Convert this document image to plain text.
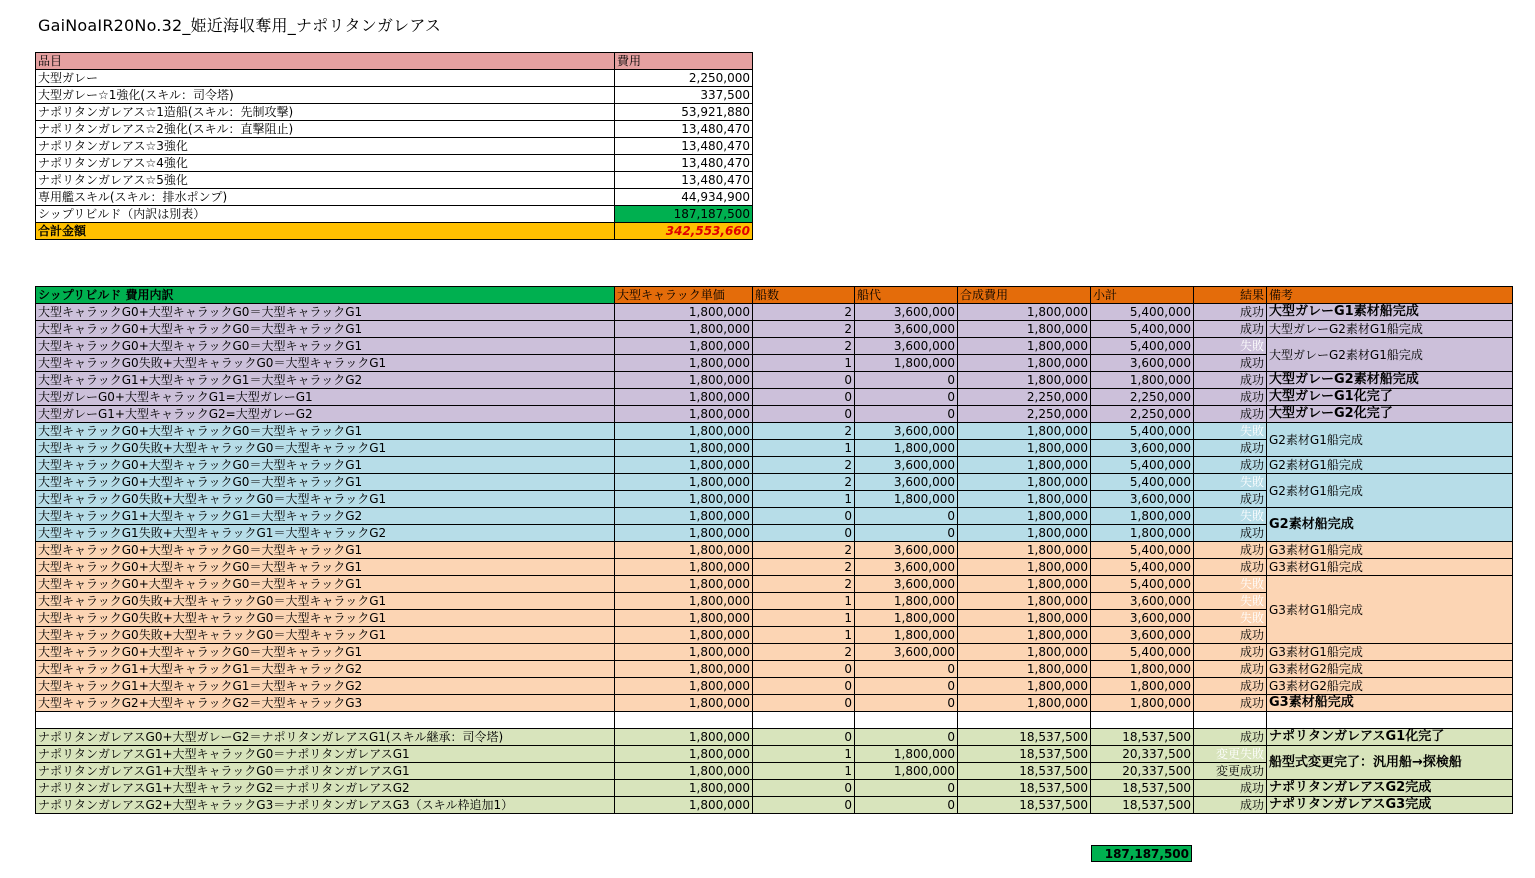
GaiNoaIR20No.32_姫近海収奪用_ナポリタンガレアス
品目	費用
大型ガレー	2,250,000
大型ガレー☆1強化(スキル：司令塔)	337,500
ナポリタンガレアス☆1造船(スキル：先制攻撃)	53,921,880
ナポリタンガレアス☆2強化(スキル：直撃阻止)	13,480,470
ナポリタンガレアス☆3強化	13,480,470
ナポリタンガレアス☆4強化	13,480,470
ナポリタンガレアス☆5強化	13,480,470
専用艦スキル(スキル：排水ポンプ)	44,934,900
シップリビルド（内訳は別表）	187,187,500
合計金額	342,553,660
シップリビルド 費用内訳	大型キャラック単価	船数	船代	合成費用	小計	結果	備考
大型キャラックG0+大型キャラックG0＝大型キャラックG1	1,800,000	2	3,600,000	1,800,000	5,400,000	成功	大型ガレーG1素材船完成
大型キャラックG0+大型キャラックG0＝大型キャラックG1	1,800,000	2	3,600,000	1,800,000	5,400,000	成功	大型ガレーG2素材G1船完成
大型キャラックG0+大型キャラックG0＝大型キャラックG1	1,800,000	2	3,600,000	1,800,000	5,400,000	失敗	大型ガレーG2素材G1船完成
大型キャラックG0失敗+大型キャラックG0＝大型キャラックG1	1,800,000	1	1,800,000	1,800,000	3,600,000	成功	
大型キャラックG1+大型キャラックG1＝大型キャラックG2	1,800,000	0	0	1,800,000	1,800,000	成功	大型ガレーG2素材船完成
大型ガレーG0+大型キャラックG1=大型ガレーG1	1,800,000	0	0	2,250,000	2,250,000	成功	大型ガレーG1化完了
大型ガレーG1+大型キャラックG2=大型ガレーG2	1,800,000	0	0	2,250,000	2,250,000	成功	大型ガレーG2化完了
大型キャラックG0+大型キャラックG0＝大型キャラックG1	1,800,000	2	3,600,000	1,800,000	5,400,000	失敗	G2素材G1船完成
大型キャラックG0失敗+大型キャラックG0＝大型キャラックG1	1,800,000	1	1,800,000	1,800,000	3,600,000	成功	
大型キャラックG0+大型キャラックG0＝大型キャラックG1	1,800,000	2	3,600,000	1,800,000	5,400,000	成功	G2素材G1船完成
大型キャラックG0+大型キャラックG0＝大型キャラックG1	1,800,000	2	3,600,000	1,800,000	5,400,000	失敗	G2素材G1船完成
大型キャラックG0失敗+大型キャラックG0＝大型キャラックG1	1,800,000	1	1,800,000	1,800,000	3,600,000	成功	
大型キャラックG1+大型キャラックG1＝大型キャラックG2	1,800,000	0	0	1,800,000	1,800,000	失敗	G2素材船完成
大型キャラックG1失敗+大型キャラックG1＝大型キャラックG2	1,800,000	0	0	1,800,000	1,800,000	成功	
大型キャラックG0+大型キャラックG0＝大型キャラックG1	1,800,000	2	3,600,000	1,800,000	5,400,000	成功	G3素材G1船完成
大型キャラックG0+大型キャラックG0＝大型キャラックG1	1,800,000	2	3,600,000	1,800,000	5,400,000	成功	G3素材G1船完成
大型キャラックG0+大型キャラックG0＝大型キャラックG1	1,800,000	2	3,600,000	1,800,000	5,400,000	失敗	G3素材G1船完成
大型キャラックG0失敗+大型キャラックG0＝大型キャラックG1	1,800,000	1	1,800,000	1,800,000	3,600,000	失敗	
大型キャラックG0失敗+大型キャラックG0＝大型キャラックG1	1,800,000	1	1,800,000	1,800,000	3,600,000	失敗	
大型キャラックG0失敗+大型キャラックG0＝大型キャラックG1	1,800,000	1	1,800,000	1,800,000	3,600,000	成功	
大型キャラックG0+大型キャラックG0＝大型キャラックG1	1,800,000	2	3,600,000	1,800,000	5,400,000	成功	G3素材G1船完成
大型キャラックG1+大型キャラックG1＝大型キャラックG2	1,800,000	0	0	1,800,000	1,800,000	成功	G3素材G2船完成
大型キャラックG1+大型キャラックG1＝大型キャラックG2	1,800,000	0	0	1,800,000	1,800,000	成功	G3素材G2船完成
大型キャラックG2+大型キャラックG2＝大型キャラックG3	1,800,000	0	0	1,800,000	1,800,000	成功	G3素材船完成

ナポリタンガレアスG0+大型ガレーG2＝ナポリタンガレアスG1(スキル継承：司令塔)	1,800,000	0	0	18,537,500	18,537,500	成功	ナポリタンガレアスG1化完了
ナポリタンガレアスG1+大型キャラックG0＝ナポリタンガレアスG1	1,800,000	1	1,800,000	18,537,500	20,337,500	変更失敗	船型式変更完了：汎用船→探検船
ナポリタンガレアスG1+大型キャラックG0＝ナポリタンガレアスG1	1,800,000	1	1,800,000	18,537,500	20,337,500	変更成功	
ナポリタンガレアスG1+大型キャラックG2＝ナポリタンガレアスG2	1,800,000	0	0	18,537,500	18,537,500	成功	ナポリタンガレアスG2完成
ナポリタンガレアスG2+大型キャラックG3＝ナポリタンガレアスG3（スキル枠追加1）	1,800,000	0	0	18,537,500	18,537,500	成功	ナポリタンガレアスG3完成
187,187,500
